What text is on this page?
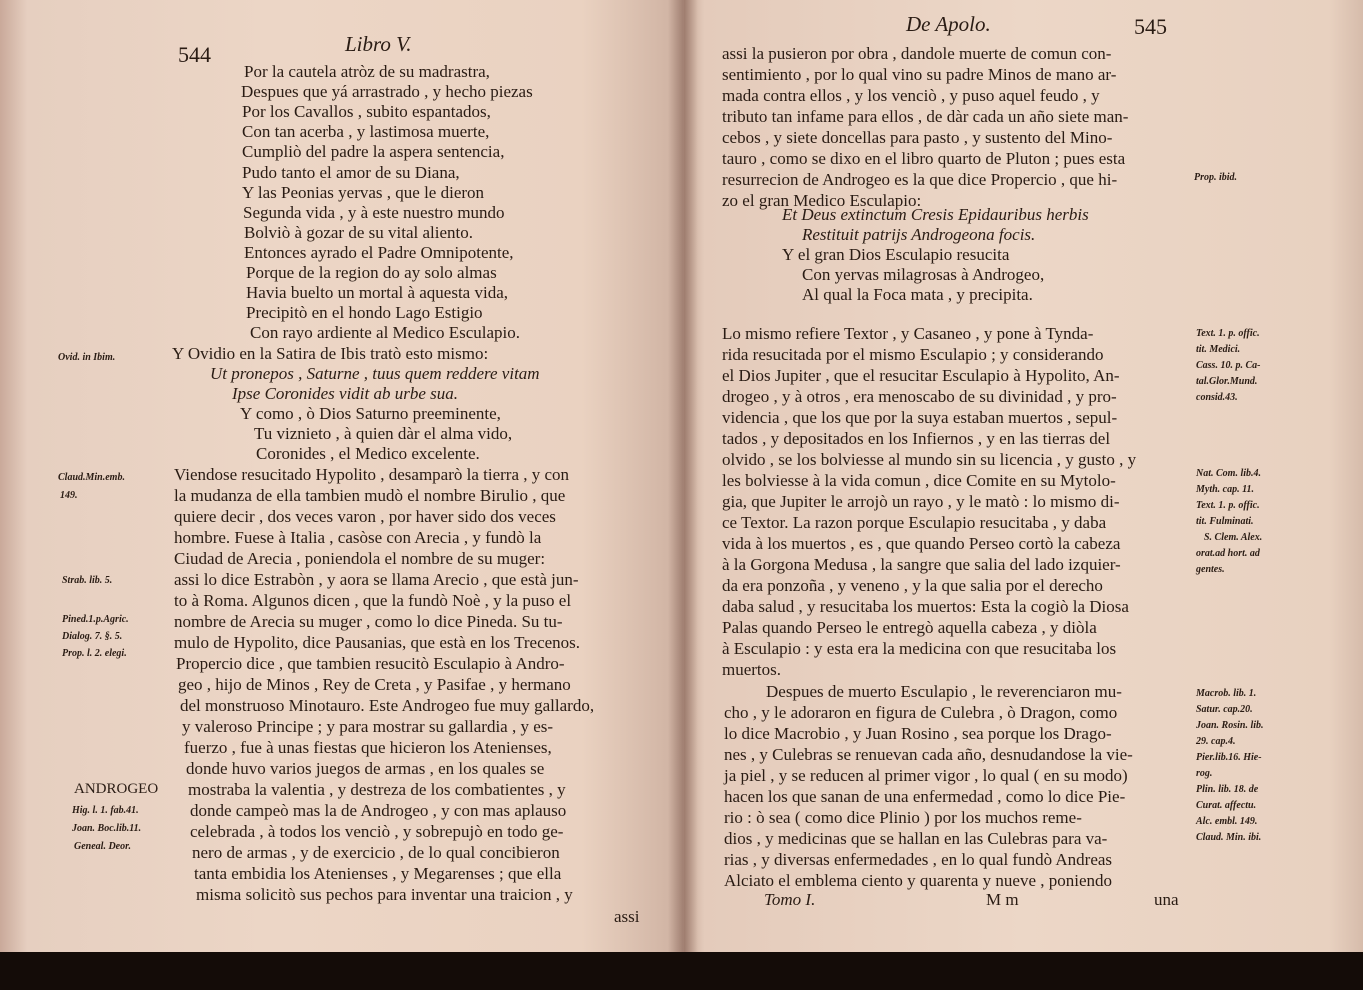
544	Libro V.
Por la cautela atròz de su madrastra,
Despues que yá arrastrado , y hecho piezas
Por los Cavallos , subito espantados,
Con tan acerba , y lastimosa muerte,
Cumpliò del padre la aspera sentencia,
Pudo tanto el amor de su Diana,
Y las Peonias yervas , que le dieron
Segunda vida , y à este nuestro mundo
Bolviò à gozar de su vital aliento.
Entonces ayrado el Padre Omnipotente,
Porque de la region do ay solo almas
Havia buelto un mortal à aquesta vida,
Precipitò en el hondo Lago Estigio
Con rayo ardiente al Medico Esculapio.
Y Ovidio en la Satira de Ibis tratò esto mismo:
Ut pronepos , Saturne , tuus quem reddere vitam
Ipse Coronides vidit ab urbe sua.
Y como , ò Dios Saturno preeminente,
Tu viznieto , à quien dàr el alma vido,
Coronides , el Medico excelente.
Viendose resucitado Hypolito , desamparò la tierra , y con
la mudanza de ella tambien mudò el nombre Birulio , que
quiere decir , dos veces varon , por haver sido dos veces
hombre. Fuese à Italia , casòse con Arecia , y fundò la
Ciudad de Arecia , poniendola el nombre de su muger:
assi lo dice Estrabòn , y aora se llama Arecio , que està jun-
to à Roma. Algunos dicen , que la fundò Noè , y la puso el
nombre de Arecia su muger , como lo dice Pineda. Su tu-
mulo de Hypolito, dice Pausanias, que està en los Trecenos.
Propercio dice , que tambien resucitò Esculapio à Andro-
geo , hijo de Minos , Rey de Creta , y Pasifae , y hermano
del monstruoso Minotauro. Este Androgeo fue muy gallardo,
y valeroso Principe ; y para mostrar su gallardia , y es-
fuerzo , fue à unas fiestas que hicieron los Atenienses,
donde huvo varios juegos de armas , en los quales se
mostraba la valentia , y destreza de los combatientes , y
donde campeò mas la de Androgeo , y con mas aplauso
celebrada , à todos los venciò , y sobrepujò en todo ge-
nero de armas , y de exercicio , de lo qual concibieron
tanta embidia los Atenienses , y Megarenses ; que ella
misma solicitò sus pechos para inventar una traicion , y
assi
Ovid. in Ibim.
Claud.Min.emb.
149.
Strab. lib. 5.
Pined.1.p.Agric.
Dialog. 7. §. 5.
Prop. l. 2. elegi.
ANDROGEO
Hig. l. 1. fab.41.
Joan. Boc.lib.11.
Geneal. Deor.
De Apolo.	545
assi la pusieron por obra , dandole muerte de comun con-
sentimiento , por lo qual vino su padre Minos de mano ar-
mada contra ellos , y los venciò , y puso aquel feudo , y
tributo tan infame para ellos , de dàr cada un año siete man-
cebos , y siete doncellas para pasto , y sustento del Mino-
tauro , como se dixo en el libro quarto de Pluton ; pues esta
resurrecion de Androgeo es la que dice Propercio , que hi-
zo el gran Medico Esculapio:
Et Deus extinctum Cresis Epidauribus herbis
Restituit patrijs Androgeona focis.
Y el gran Dios Esculapio resucita
Con yervas milagrosas à Androgeo,
Al qual la Foca mata , y precipita.
Lo mismo refiere Textor , y Casaneo , y pone à Tynda-
rida resucitada por el mismo Esculapio ; y considerando
el Dios Jupiter , que el resucitar Esculapio à Hypolito, An-
drogeo , y à otros , era menoscabo de su divinidad , y pro-
videncia , que los que por la suya estaban muertos , sepul-
tados , y depositados en los Infiernos , y en las tierras del
olvido , se los bolviesse al mundo sin su licencia , y gusto , y
les bolviesse à la vida comun , dice Comite en su Mytolo-
gia, que Jupiter le arrojò un rayo , y le matò : lo mismo di-
ce Textor. La razon porque Esculapio resucitaba , y daba
vida à los muertos , es , que quando Perseo cortò la cabeza
à la Gorgona Medusa , la sangre que salia del lado izquier-
da era ponzoña , y veneno , y la que salia por el derecho
daba salud , y resucitaba los muertos: Esta la cogiò la Diosa
Palas quando Perseo le entregò aquella cabeza , y diòla
à Esculapio : y esta era la medicina con que resucitaba los
muertos.
Despues de muerto Esculapio , le reverenciaron mu-
cho , y le adoraron en figura de Culebra , ò Dragon, como
lo dice Macrobio , y Juan Rosino , sea porque los Drago-
nes , y Culebras se renuevan cada año, desnudandose la vie-
ja piel , y se reducen al primer vigor , lo qual ( en su modo)
hacen los que sanan de una enfermedad , como lo dice Pie-
rio : ò sea ( como dice Plinio ) por los muchos reme-
dios , y medicinas que se hallan en las Culebras para va-
rias , y diversas enfermedades , en lo qual fundò Andreas
Alciato el emblema ciento y quarenta y nueve , poniendo
Tomo I.	M m	una
Prop. ibid.
Text. 1. p. offic.
tit. Medici.
Cass. 10. p. Ca-
tal.Glor.Mund.
consid.43.
Nat. Com. lib.4.
Myth. cap. 11.
Text. 1. p. offic.
tit. Fulminati.
S. Clem. Alex.
orat.ad hort. ad
gentes.
Macrob. lib. 1.
Satur. cap.20.
Joan. Rosin. lib.
29. cap.4.
Pier.lib.16. Hie-
rog.
Plin. lib. 18. de
Curat. affectu.
Alc. embl. 149.
Claud. Min. ibi.
